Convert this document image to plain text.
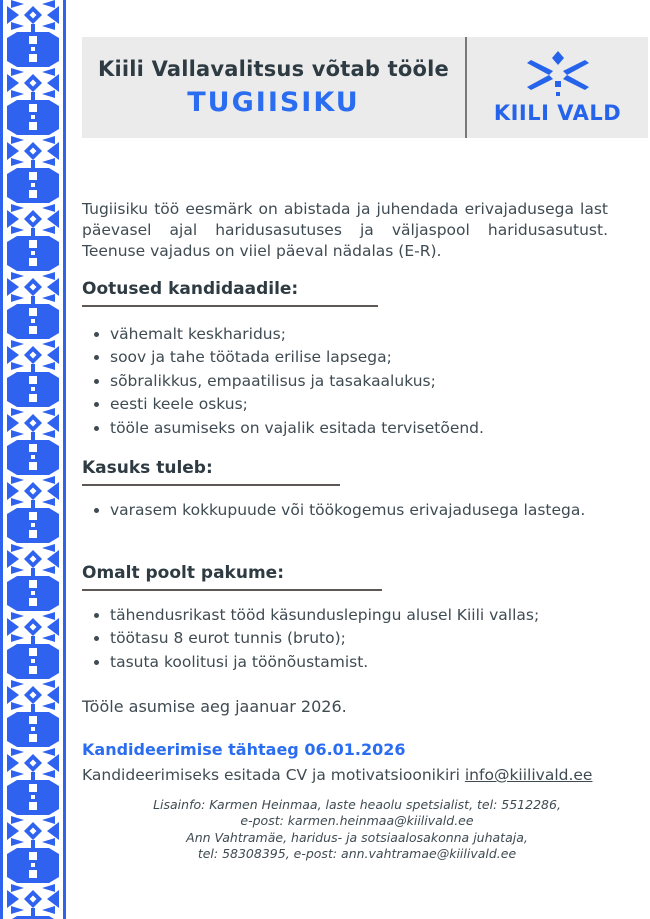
Kiili Vallavalitsus võtab tööle
TUGIISIKU	KIILI VALD

Tugiisiku töö eesmärk on abistada ja juhendada erivajadusega last päevasel ajal haridusasutuses ja väljaspool haridusasutust. Teenuse vajadus on viiel päeval nädalas (E-R).

Ootused kandidaadile:
• vähemalt keskharidus;
• soov ja tahe töötada erilise lapsega;
• sõbralikkus, empaatilisus ja tasakaalukus;
• eesti keele oskus;
• tööle asumiseks on vajalik esitada tervisetõend.
Kasuks tuleb:
• varasem kokkupuude või töökogemus erivajadusega lastega.
Omalt poolt pakume:
• tähendusrikast tööd käsunduslepingu alusel Kiili vallas;
• töötasu 8 eurot tunnis (bruto);
• tasuta koolitusi ja töönõustamist.
Tööle asumise aeg jaanuar 2026.
Kandideerimise tähtaeg 06.01.2026
Kandideerimiseks esitada CV ja motivatsioonikiri info@kiilivald.ee
Lisainfo: Karmen Heinmaa, laste heaolu spetsialist, tel: 5512286,
e-post: karmen.heinmaa@kiilivald.ee
Ann Vahtramäe, haridus- ja sotsiaalosakonna juhataja,
tel: 58308395, e-post: ann.vahtramae@kiilivald.ee
